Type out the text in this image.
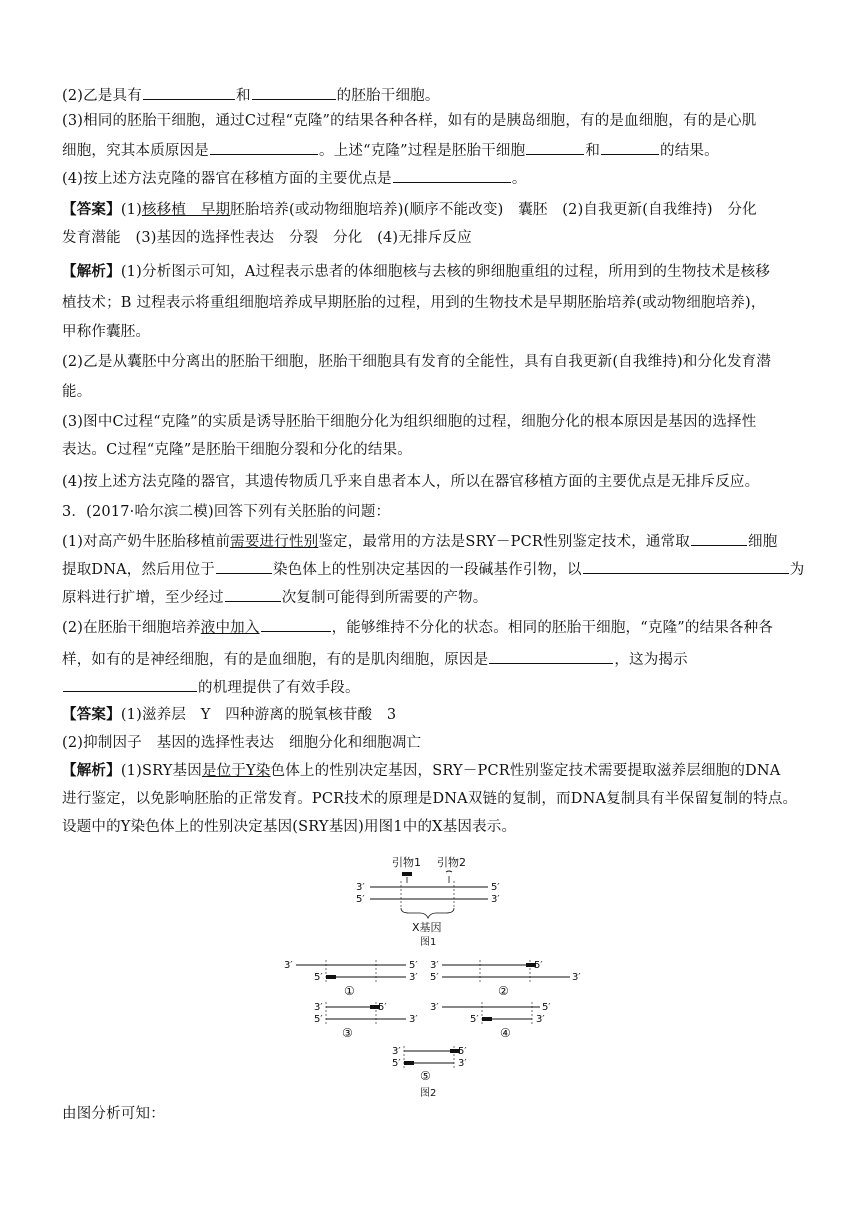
(2)乙是具有	和	的胚胎干细胞。
(3)相同的胚胎干细胞，通过C过程“克隆”的结果各种各样，如有的是胰岛细胞，有的是血细胞，有的是心肌
细胞，究其本质原因是	。上述“克隆”过程是胚胎干细胞	和	的结果。
(4)按上述方法克隆的器官在移植方面的主要优点是	。
【答案】(1)核移植　早期胚胎培养(或动物细胞培养)(顺序不能改变)　囊胚　(2)自我更新(自我维持)　分化
发育潜能　(3)基因的选择性表达　分裂　分化　(4)无排斥反应
【解析】(1)分析图示可知，A过程表示患者的体细胞核与去核的卵细胞重组的过程，所用到的生物技术是核移
植技术；B 过程表示将重组细胞培养成早期胚胎的过程，用到的生物技术是早期胚胎培养(或动物细胞培养)，
甲称作囊胚。
(2)乙是从囊胚中分离出的胚胎干细胞，胚胎干细胞具有发育的全能性，具有自我更新(自我维持)和分化发育潜
能。
(3)图中C过程“克隆”的实质是诱导胚胎干细胞分化为组织细胞的过程，细胞分化的根本原因是基因的选择性
表达。C过程“克隆”是胚胎干细胞分裂和分化的结果。
(4)按上述方法克隆的器官，其遗传物质几乎来自患者本人，所以在器官移植方面的主要优点是无排斥反应。
3．(2017·哈尔滨二模)回答下列有关胚胎的问题：
(1)对高产奶牛胚胎移植前需要进行性别鉴定，最常用的方法是SRY－PCR性别鉴定技术，通常取	细胞
提取DNA，然后用位于	染色体上的性别决定基因的一段碱基作引物，以	为
原料进行扩增，至少经过	次复制可能得到所需要的产物。
(2)在胚胎干细胞培养液中加入	，能够维持不分化的状态。相同的胚胎干细胞，“克隆”的结果各种各
样，如有的是神经细胞，有的是血细胞，有的是肌肉细胞，原因是	，这为揭示
的机理提供了有效手段。
【答案】(1)滋养层　Y　四种游离的脱氧核苷酸　3
(2)抑制因子　基因的选择性表达　细胞分化和细胞凋亡
【解析】(1)SRY基因是位于Y染色体上的性别决定基因，SRY－PCR性别鉴定技术需要提取滋养层细胞的DNA
进行鉴定，以免影响胚胎的正常发育。PCR技术的原理是DNA双链的复制，而DNA复制具有半保留复制的特点。
设题中的Y染色体上的性别决定基因(SRY基因)用图1中的X基因表示。
引物1 引物2
3′
5′
5′
3′
X基因
图1
3′	5′
5′	3′
①
3′	5′
5′	3′
②
3′	5′
5′	3′
③
3′	5′
5′	3′
④
3′	5′
5′	3′
⑤
图2
由图分析可知：
